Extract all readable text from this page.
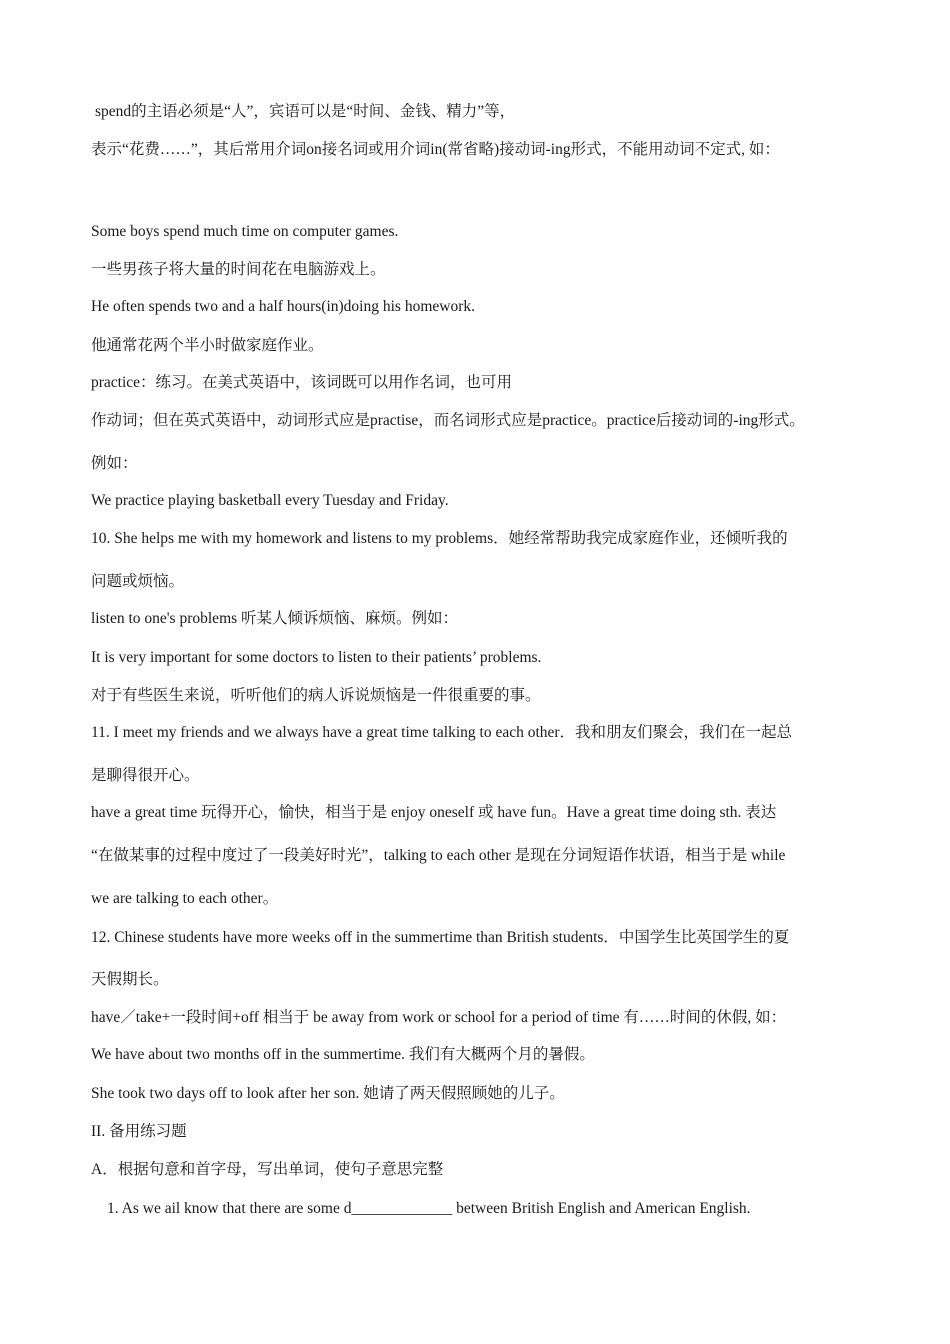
spend的主语必须是“人”，宾语可以是“时间、金钱、精力”等，
表示“花费……”，其后常用介词on接名词或用介词in(常省略)接动词-ing形式，不能用动词不定式, 如：
Some boys spend much time on computer games.
一些男孩子将大量的时间花在电脑游戏上。
He often spends two and a half hours(in)doing his homework.
他通常花两个半小时做家庭作业。
practice：练习。在美式英语中，该词既可以用作名词，也可用
作动词；但在英式英语中，动词形式应是practise，而名词形式应是practice。practice后接动词的-ing形式。
例如：
We practice playing basketball every Tuesday and Friday.
10. She helps me with my homework and listens to my problems．她经常帮助我完成家庭作业，还倾听我的
问题或烦恼。
listen to one's problems 听某人倾诉烦恼、麻烦。例如：
It is very important for some doctors to listen to their patients’ problems.
对于有些医生来说，听听他们的病人诉说烦恼是一件很重要的事。
11. I meet my friends and we always have a great time talking to each other．我和朋友们聚会，我们在一起总
是聊得很开心。
have a great time 玩得开心，愉快，相当于是 enjoy oneself 或 have fun。Have a great time doing sth. 表达
“在做某事的过程中度过了一段美好时光”，talking to each other 是现在分词短语作状语，相当于是 while
we are talking to each other。
12. Chinese students have more weeks off in the summertime than British students．中国学生比英国学生的夏
天假期长。
have／take+一段时间+off 相当于 be away from work or school for a period of time 有……时间的休假, 如：
We have about two months off in the summertime. 我们有大概两个月的暑假。
She took two days off to look after her son. 她请了两天假照顾她的儿子。
II. 备用练习题
A．根据句意和首字母，写出单词，使句子意思完整
1. As we ail know that there are some d_____________ between British English and American English.
